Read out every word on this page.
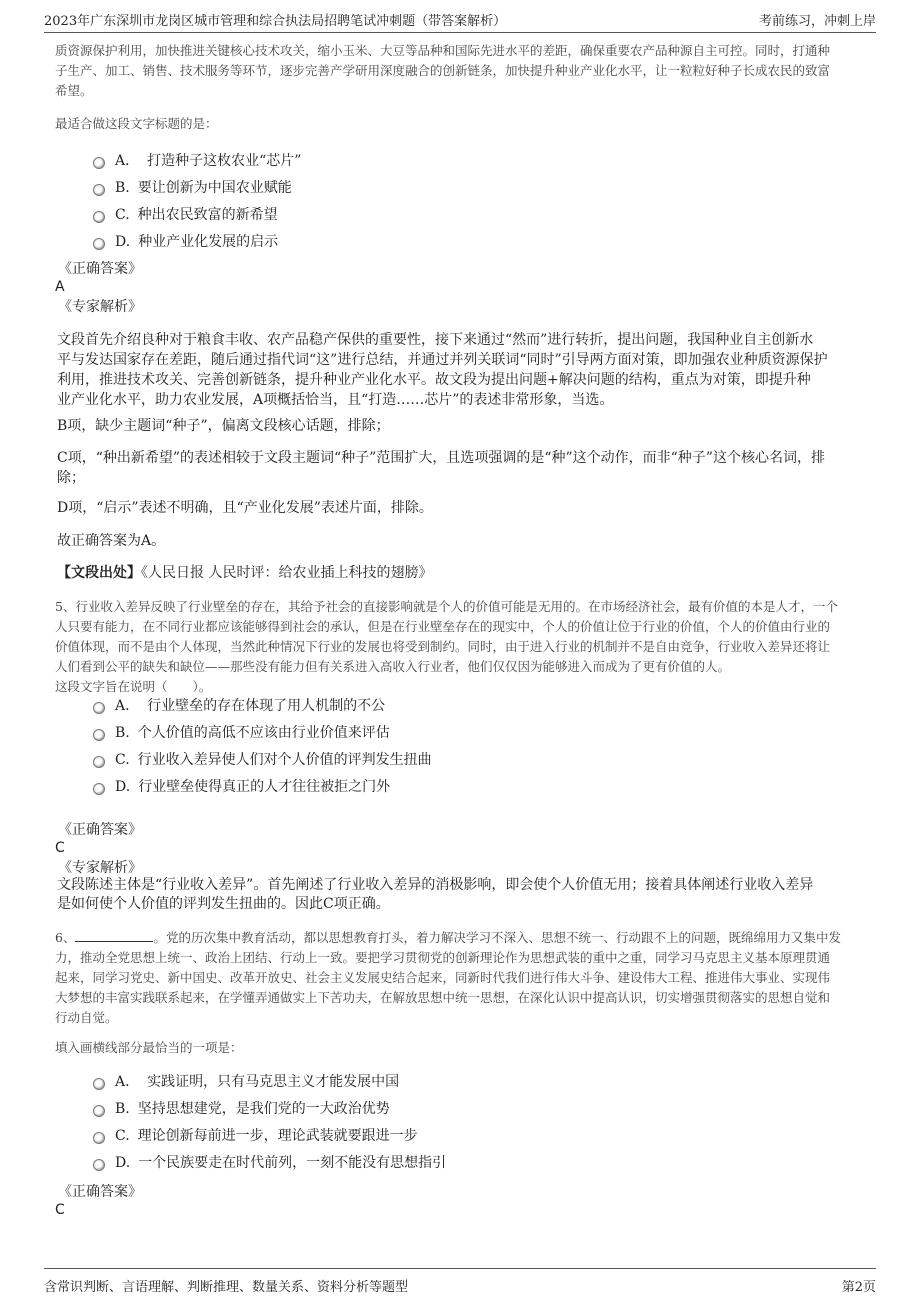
2023年广东深圳市龙岗区城市管理和综合执法局招聘笔试冲刺题（带答案解析）	考前练习，冲刺上岸
质资源保护利用，加快推进关键核心技术攻关，缩小玉米、大豆等品种和国际先进水平的差距，确保重要农产品种源自主可控。同时，打通种
子生产、加工、销售、技术服务等环节，逐步完善产学研用深度融合的创新链条，加快提升种业产业化水平，让一粒粒好种子长成农民的致富
希望。
最适合做这段文字标题的是：
A． 打造种子这枚农业“芯片”
B. 要让创新为中国农业赋能
C. 种出农民致富的新希望
D. 种业产业化发展的启示
《正确答案》
A
《专家解析》
文段首先介绍良种对于粮食丰收、农产品稳产保供的重要性，接下来通过“然而”进行转折，提出问题，我国种业自主创新水
平与发达国家存在差距，随后通过指代词“这”进行总结，并通过并列关联词“同时”引导两方面对策，即加强农业种质资源保护
利用，推进技术攻关、完善创新链条，提升种业产业化水平。故文段为提出问题+解决问题的结构，重点为对策，即提升种
业产业化水平，助力农业发展，A项概括恰当，且“打造……芯片”的表述非常形象，当选。
B项，缺少主题词“种子”，偏离文段核心话题，排除；
C项，“种出新希望”的表述相较于文段主题词“种子”范围扩大，且选项强调的是“种”这个动作，而非“种子”这个核心名词，排
除；
D项，“启示”表述不明确，且“产业化发展”表述片面，排除。
故正确答案为A。
【文段出处】《人民日报 人民时评：给农业插上科技的翅膀》
5、行业收入差异反映了行业壁垒的存在，其给予社会的直接影响就是个人的价值可能是无用的。在市场经济社会，最有价值的本是人才，一个
人只要有能力，在不同行业都应该能够得到社会的承认，但是在行业壁垒存在的现实中，个人的价值让位于行业的价值，个人的价值由行业的
价值体现，而不是由个人体现，当然此种情况下行业的发展也将受到制约。同时，由于进入行业的机制并不是自由竞争，行业收入差异还将让
人们看到公平的缺失和缺位——那些没有能力但有关系进入高收入行业者，他们仅仅因为能够进入而成为了更有价值的人。
这段文字旨在说明（　　）。
A． 行业壁垒的存在体现了用人机制的不公
B. 个人价值的高低不应该由行业价值来评估
C. 行业收入差异使人们对个人价值的评判发生扭曲
D. 行业壁垒使得真正的人才往往被拒之门外
《正确答案》
C
《专家解析》
文段陈述主体是“行业收入差异”。首先阐述了行业收入差异的消极影响，即会使个人价值无用；接着具体阐述行业收入差异
是如何使个人价值的评判发生扭曲的。因此C项正确。
6、	。党的历次集中教育活动，都以思想教育打头，着力解决学习不深入、思想不统一、行动跟不上的问题，既绵绵用力又集中发
力，推动全党思想上统一、政治上团结、行动上一致。要把学习贯彻党的创新理论作为思想武装的重中之重，同学习马克思主义基本原理贯通
起来，同学习党史、新中国史、改革开放史、社会主义发展史结合起来，同新时代我们进行伟大斗争、建设伟大工程、推进伟大事业、实现伟
大梦想的丰富实践联系起来，在学懂弄通做实上下苦功夫，在解放思想中统一思想，在深化认识中提高认识，切实增强贯彻落实的思想自觉和
行动自觉。
填入画横线部分最恰当的一项是：
A． 实践证明，只有马克思主义才能发展中国
B. 坚持思想建党，是我们党的一大政治优势
C. 理论创新每前进一步，理论武装就要跟进一步
D. 一个民族要走在时代前列，一刻不能没有思想指引
《正确答案》
C
含常识判断、言语理解、判断推理、数量关系、资料分析等题型	第2页
